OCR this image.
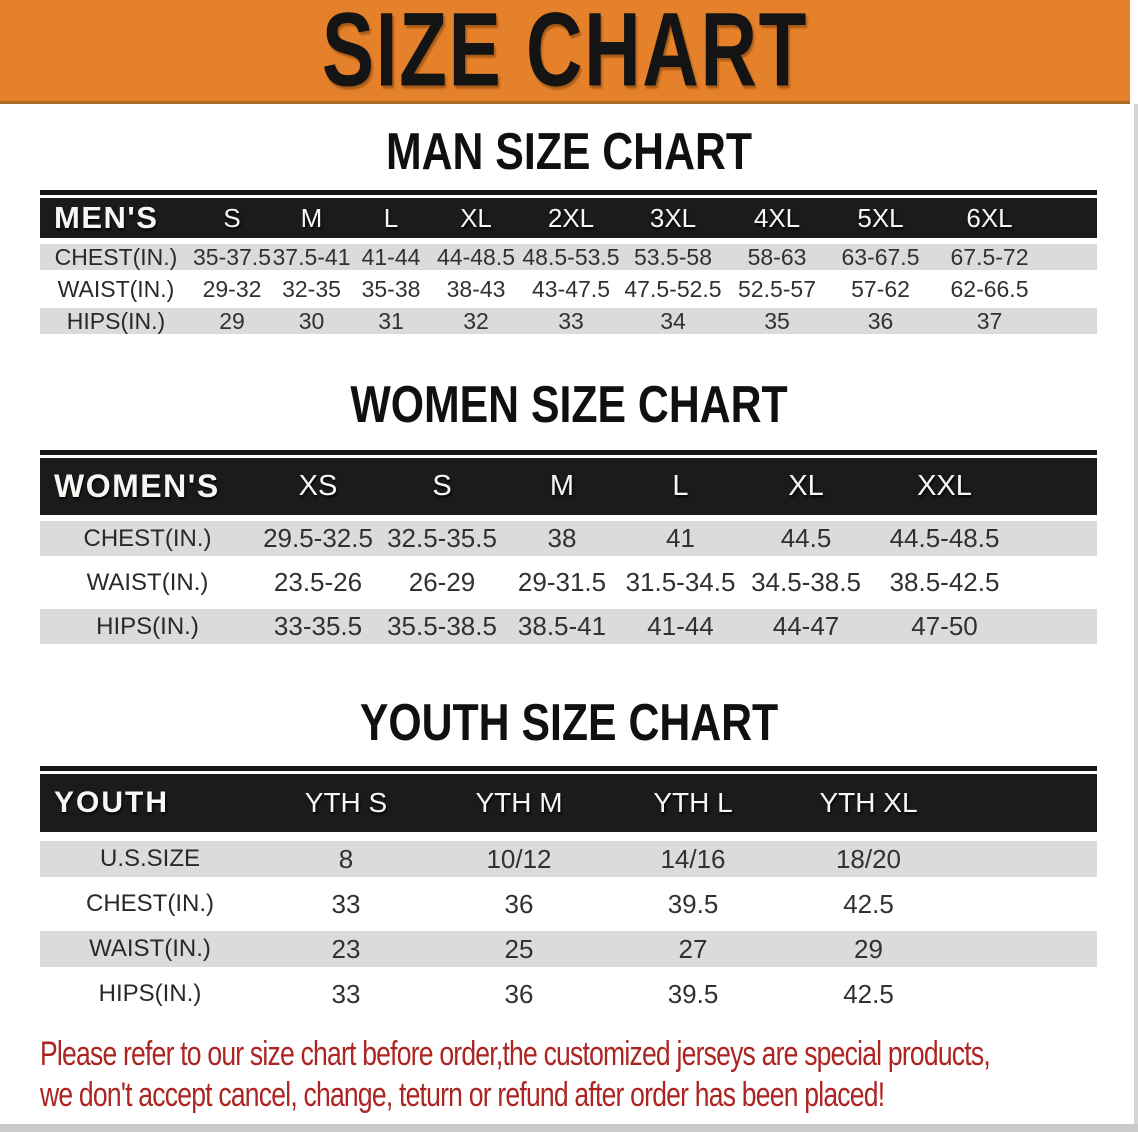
SIZE CHART
MAN SIZE CHART
MEN'S	S	M	L	XL	2XL	3XL	4XL	5XL	6XL
CHEST(IN.) 35-37.5 37.5-41 41-44 44-48.5 48.5-53.5 53.5-58	58-63	63-67.5	67.5-72
WAIST(IN.)	29-32 32-35 35-38	38-43	43-47.5 47.5-52.5 52.5-57	57-62	62-66.5
HIPS(IN.)	29	30	31	32	33	34	35	36	37
WOMEN SIZE CHART
WOMEN'S	XS	S	M	L	XL	XXL
CHEST(IN.)	29.5-32.5 32.5-35.5	38	41	44.5	44.5-48.5
WAIST(IN.)	23.5-26	26-29	29-31.5 31.5-34.5 34.5-38.5	38.5-42.5
HIPS(IN.)	33-35.5 35.5-38.5 38.5-41	41-44	44-47	47-50
YOUTH SIZE CHART
YOUTH	YTH S	YTH M	YTH L	YTH XL
U.S.SIZE	8	10/12	14/16	18/20
CHEST(IN.)	33	36	39.5	42.5
WAIST(IN.)	23	25	27	29
HIPS(IN.)	33	36	39.5	42.5
Please refer to our size chart before order,the customized jerseys are special products,
we don't accept cancel, change, teturn or refund after order has been placed!
